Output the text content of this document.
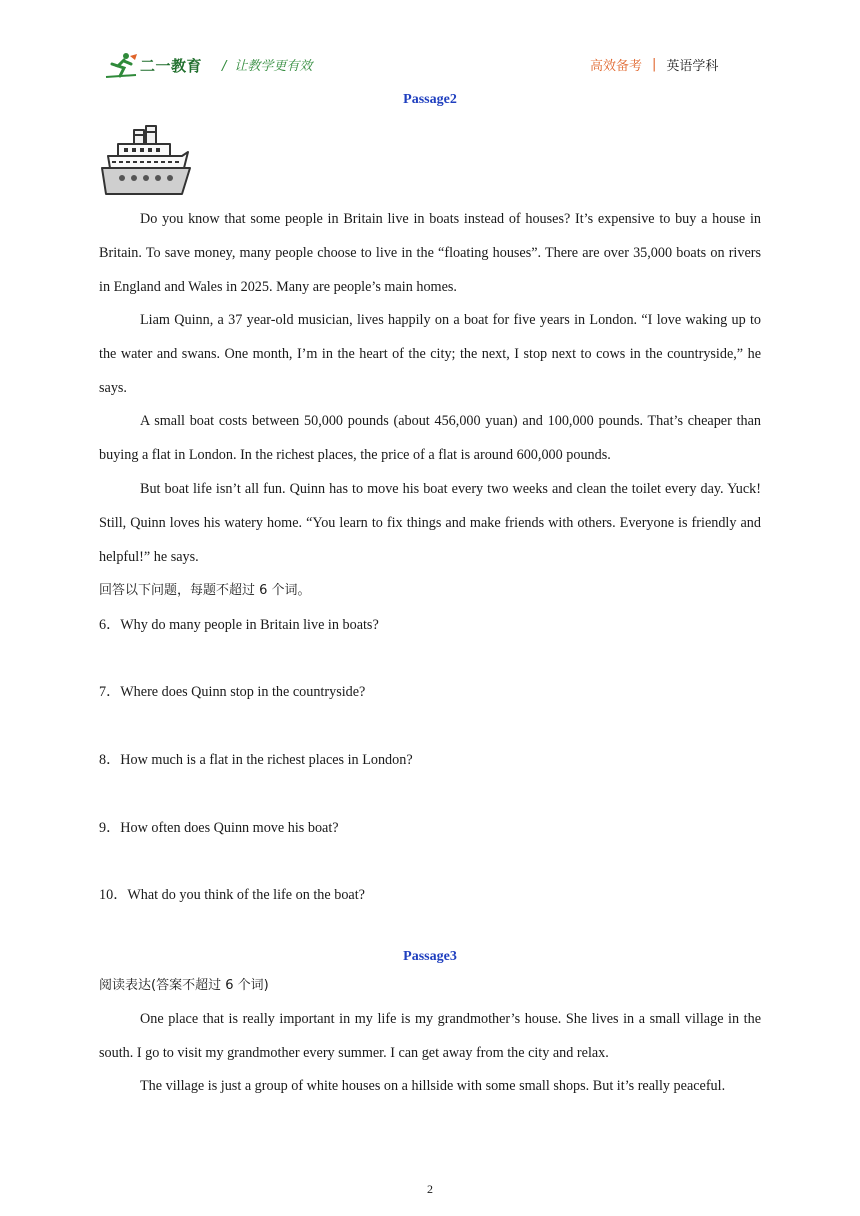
二一教育 / 让教学更有效	高效备考 | 英语学科
Passage2

Do you know that some people in Britain live in boats instead of houses? It’s expensive to buy a house in Britain. To save money, many people choose to live in the “floating houses”. There are over 35,000 boats on rivers in England and Wales in 2025. Many are people’s main homes.

Liam Quinn, a 37 year-old musician, lives happily on a boat for five years in London. “I love waking up to the water and swans. One month, I’m in the heart of the city; the next, I stop next to cows in the countryside,” he says.

A small boat costs between 50,000 pounds (about 456,000 yuan) and 100,000 pounds. That’s cheaper than buying a flat in London. In the richest places, the price of a flat is around 600,000 pounds.

But boat life isn’t all fun. Quinn has to move his boat every two weeks and clean the toilet every day. Yuck! Still, Quinn loves his watery home. “You learn to fix things and make friends with others. Everyone is friendly and helpful!” he says.

回答以下问题，每题不超过 6 个词。

6．Why do many people in Britain live in boats?

7．Where does Quinn stop in the countryside?

8．How much is a flat in the richest places in London?

9．How often does Quinn move his boat?

10．What do you think of the life on the boat?

Passage3

阅读表达(答案不超过 6 个词)

One place that is really important in my life is my grandmother’s house. She lives in a small village in the south. I go to visit my grandmother every summer. I can get away from the city and relax.

The village is just a group of white houses on a hillside with some small shops. But it’s really peaceful.

2
